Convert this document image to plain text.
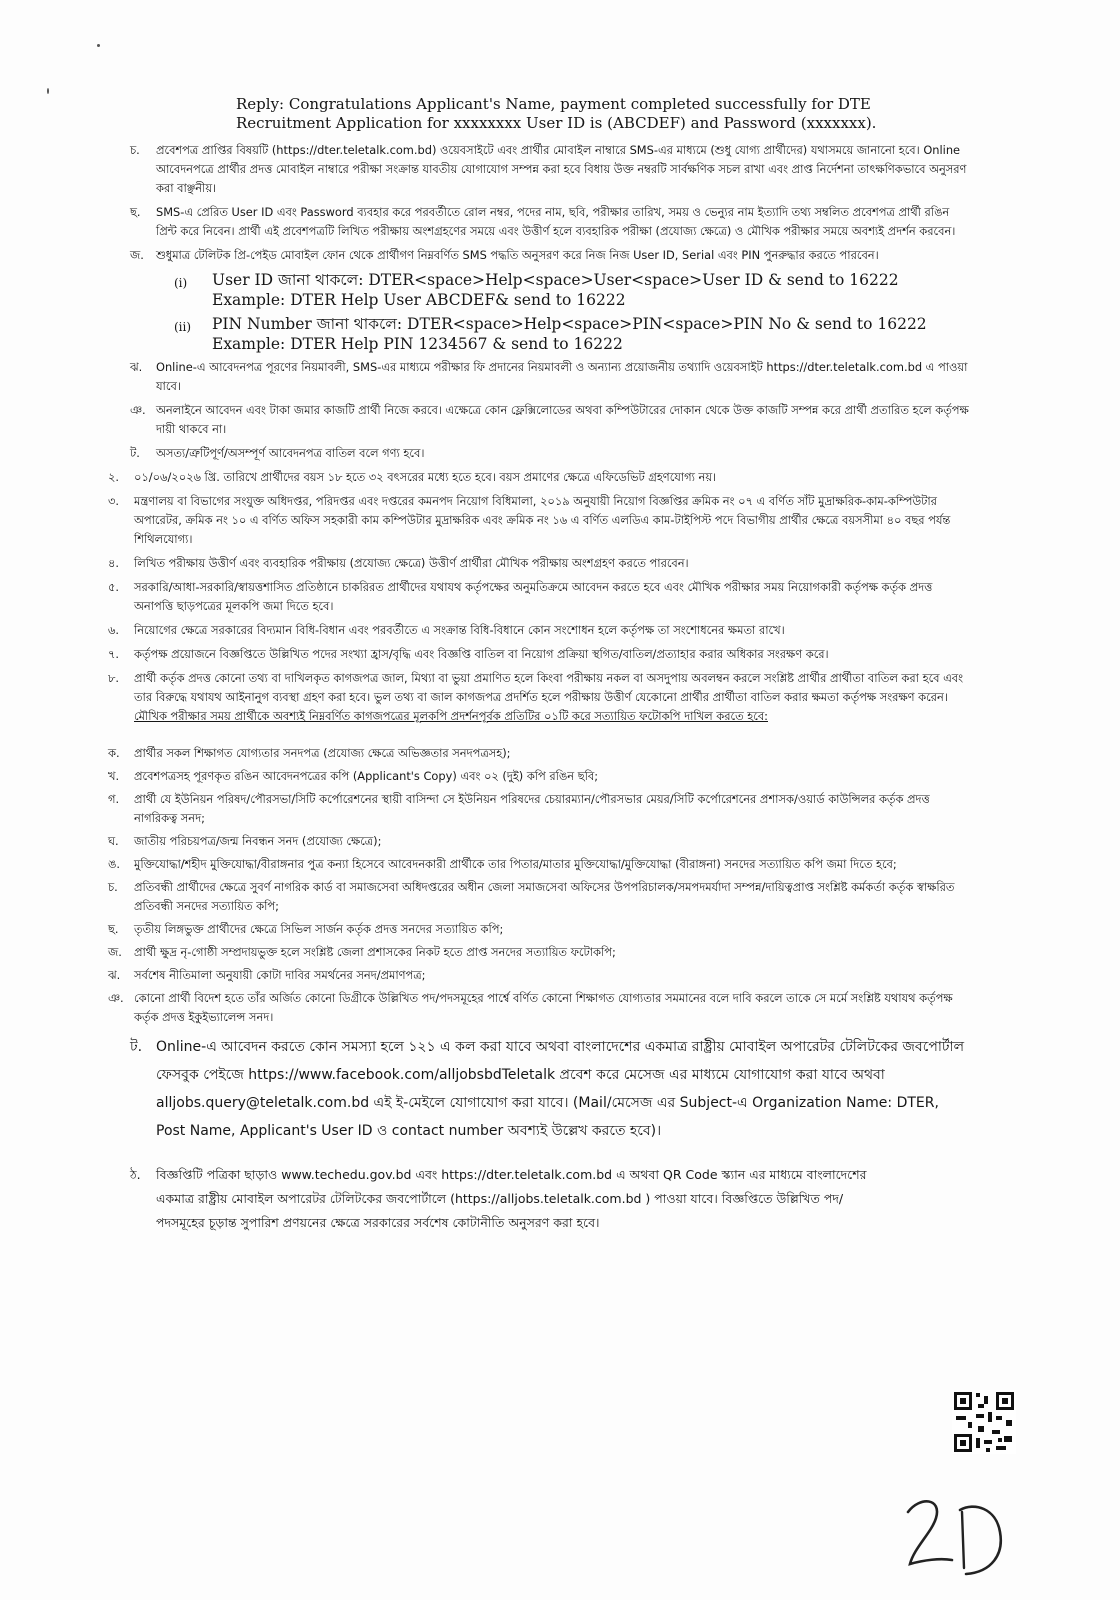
Reply: Congratulations Applicant's Name, payment completed successfully for DTE Recruitment Application for xxxxxxxx User ID is (ABCDEF) and Password (xxxxxxx).
চ.	প্রবেশপত্র প্রাপ্তির বিষয়টি (https://dter.teletalk.com.bd) ওয়েবসাইটে এবং প্রার্থীর মোবাইল নাম্বারে SMS-এর মাধ্যমে (শুধু যোগ্য প্রার্থীদের) যথাসময়ে জানানো হবে। Online আবেদনপত্রে প্রার্থীর প্রদত্ত মোবাইল নাম্বারে পরীক্ষা সংক্রান্ত যাবতীয় যোগাযোগ সম্পন্ন করা হবে বিধায় উক্ত নম্বরটি সার্বক্ষণিক সচল রাখা এবং প্রাপ্ত নির্দেশনা তাৎক্ষণিকভাবে অনুসরণ করা বাঞ্ছনীয়।
ছ.	SMS-এ প্রেরিত User ID এবং Password ব্যবহার করে পরবর্তীতে রোল নম্বর, পদের নাম, ছবি, পরীক্ষার তারিখ, সময় ও ভেন্যুর নাম ইত্যাদি তথ্য সম্বলিত প্রবেশপত্র প্রার্থী রঙিন প্রিন্ট করে নিবেন। প্রার্থী এই প্রবেশপত্রটি লিখিত পরীক্ষায় অংশগ্রহণের সময়ে এবং উত্তীর্ণ হলে ব্যবহারিক পরীক্ষা (প্রযোজ্য ক্ষেত্রে) ও মৌখিক পরীক্ষার সময়ে অবশ্যই প্রদর্শন করবেন।
জ.	শুধুমাত্র টেলিটক প্রি-পেইড মোবাইল ফোন থেকে প্রার্থীগণ নিম্নবর্ণিত SMS পদ্ধতি অনুসরণ করে নিজ নিজ User ID, Serial এবং PIN পুনরুদ্ধার করতে পারবেন।
(i)	User ID জানা থাকলে: DTER<space>Help<space>User<space>User ID & send to 16222
Example: DTER Help User ABCDEF& send to 16222
(ii)	PIN Number জানা থাকলে: DTER<space>Help<space>PIN<space>PIN No & send to 16222
Example: DTER Help PIN 1234567 & send to 16222
ঝ.	Online-এ আবেদনপত্র পূরণের নিয়মাবলী, SMS-এর মাধ্যমে পরীক্ষার ফি প্রদানের নিয়মাবলী ও অন্যান্য প্রয়োজনীয় তথ্যাদি ওয়েবসাইট https://dter.teletalk.com.bd এ পাওয়া যাবে।
ঞ. অনলাইনে আবেদন এবং টাকা জমার কাজটি প্রার্থী নিজে করবে। এক্ষেত্রে কোন ফ্লেক্সিলোডের অথবা কম্পিউটারের দোকান থেকে উক্ত কাজটি সম্পন্ন করে প্রার্থী প্রতারিত হলে কর্তৃপক্ষ দায়ী থাকবে না।
ট.	অসত্য/ত্রুটিপূর্ণ/অসম্পূর্ণ আবেদনপত্র বাতিল বলে গণ্য হবে।
২.	০১/০৬/২০২৬ খ্রি. তারিখে প্রার্থীদের বয়স ১৮ হতে ৩২ বৎসরের মধ্যে হতে হবে। বয়স প্রমাণের ক্ষেত্রে এফিডেভিট গ্রহণযোগ্য নয়।
৩.	মন্ত্রণালয় বা বিভাগের সংযুক্ত অধিদপ্তর, পরিদপ্তর এবং দপ্তরের কমনপদ নিয়োগ বিধিমালা, ২০১৯ অনুযায়ী নিয়োগ বিজ্ঞপ্তির ক্রমিক নং ০৭ এ বর্ণিত সাঁট মুদ্রাক্ষরিক-কাম-কম্পিউটার অপারেটর, ক্রমিক নং ১০ এ বর্ণিত অফিস সহকারী কাম কম্পিউটার মুদ্রাক্ষরিক এবং ক্রমিক নং ১৬ এ বর্ণিত এলডিএ কাম-টাইপিস্ট পদে বিভাগীয় প্রার্থীর ক্ষেত্রে বয়সসীমা ৪০ বছর পর্যন্ত শিথিলযোগ্য।
৪.	লিখিত পরীক্ষায় উত্তীর্ণ এবং ব্যবহারিক পরীক্ষায় (প্রযোজ্য ক্ষেত্রে) উত্তীর্ণ প্রার্থীরা মৌখিক পরীক্ষায় অংশগ্রহণ করতে পারবেন।
৫.	সরকারি/আধা-সরকারি/স্বায়ত্তশাসিত প্রতিষ্ঠানে চাকরিরত প্রার্থীদের যথাযথ কর্তৃপক্ষের অনুমতিক্রমে আবেদন করতে হবে এবং মৌখিক পরীক্ষার সময় নিয়োগকারী কর্তৃপক্ষ কর্তৃক প্রদত্ত অনাপত্তি ছাড়পত্রের মূলকপি জমা দিতে হবে।
৬.	নিয়োগের ক্ষেত্রে সরকারের বিদ্যমান বিধি-বিধান এবং পরবর্তীতে এ সংক্রান্ত বিধি-বিধানে কোন সংশোধন হলে কর্তৃপক্ষ তা সংশোধনের ক্ষমতা রাখে।
৭.	কর্তৃপক্ষ প্রয়োজনে বিজ্ঞপ্তিতে উল্লিখিত পদের সংখ্যা হ্রাস/বৃদ্ধি এবং বিজ্ঞপ্তি বাতিল বা নিয়োগ প্রক্রিয়া স্থগিত/বাতিল/প্রত্যাহার করার অধিকার সংরক্ষণ করে।
৮.	প্রার্থী কর্তৃক প্রদত্ত কোনো তথ্য বা দাখিলকৃত কাগজপত্র জাল, মিথ্যা বা ভুয়া প্রমাণিত হলে কিংবা পরীক্ষায় নকল বা অসদুপায় অবলম্বন করলে সংশ্লিষ্ট প্রার্থীর প্রার্থীতা বাতিল করা হবে এবং তার বিরুদ্ধে যথাযথ আইনানুগ ব্যবস্থা গ্রহণ করা হবে। ভুল তথ্য বা জাল কাগজপত্র প্রদর্শিত হলে পরীক্ষায় উত্তীর্ণ যেকোনো প্রার্থীর প্রার্থীতা বাতিল করার ক্ষমতা কর্তৃপক্ষ সংরক্ষণ করেন। মৌখিক পরীক্ষার সময় প্রার্থীকে অবশ্যই নিম্নবর্ণিত কাগজপত্রের মূলকপি প্রদর্শনপূর্বক প্রতিটির ০১টি করে সত্যায়িত ফটোকপি দাখিল করতে হবে:
ক.	প্রার্থীর সকল শিক্ষাগত যোগ্যতার সনদপত্র (প্রযোজ্য ক্ষেত্রে অভিজ্ঞতার সনদপত্রসহ);
খ.	প্রবেশপত্রসহ পূরণকৃত রঙিন আবেদনপত্রের কপি (Applicant's Copy) এবং ০২ (দুই) কপি রঙিন ছবি;
গ.	প্রার্থী যে ইউনিয়ন পরিষদ/পৌরসভা/সিটি কর্পোরেশনের স্থায়ী বাসিন্দা সে ইউনিয়ন পরিষদের চেয়ারম্যান/পৌরসভার মেয়র/সিটি কর্পোরেশনের প্রশাসক/ওয়ার্ড কাউন্সিলর কর্তৃক প্রদত্ত নাগরিকত্ব সনদ;
ঘ.	জাতীয় পরিচয়পত্র/জন্ম নিবন্ধন সনদ (প্রযোজ্য ক্ষেত্রে);
ঙ.	মুক্তিযোদ্ধা/শহীদ মুক্তিযোদ্ধা/বীরাঙ্গনার পুত্র কন্যা হিসেবে আবেদনকারী প্রার্থীকে তার পিতার/মাতার মুক্তিযোদ্ধা/মুক্তিযোদ্ধা (বীরাঙ্গনা) সনদের সত্যায়িত কপি জমা দিতে হবে;
চ.	প্রতিবন্ধী প্রার্থীদের ক্ষেত্রে সুবর্ণ নাগরিক কার্ড বা সমাজসেবা অধিদপ্তরের অধীন জেলা সমাজসেবা অফিসের উপপরিচালক/সমপদমর্যাদা সম্পন্ন/দায়িত্বপ্রাপ্ত সংশ্লিষ্ট কর্মকর্তা কর্তৃক স্বাক্ষরিত প্রতিবন্ধী সনদের সত্যায়িত কপি;
ছ.	তৃতীয় লিঙ্গভুক্ত প্রার্থীদের ক্ষেত্রে সিভিল সার্জন কর্তৃক প্রদত্ত সনদের সত্যায়িত কপি;
জ.	প্রার্থী ক্ষুদ্র নৃ-গোষ্ঠী সম্প্রদায়ভুক্ত হলে সংশ্লিষ্ট জেলা প্রশাসকের নিকট হতে প্রাপ্ত সনদের সত্যায়িত ফটোকপি;
ঝ.	সর্বশেষ নীতিমালা অনুযায়ী কোটা দাবির সমর্থনের সনদ/প্রমাণপত্র;
ঞ. কোনো প্রার্থী বিদেশ হতে তাঁর অর্জিত কোনো ডিগ্রীকে উল্লিখিত পদ/পদসমূহের পার্শ্বে বর্ণিত কোনো শিক্ষাগত যোগ্যতার সমমানের বলে দাবি করলে তাকে সে মর্মে সংশ্লিষ্ট যথাযথ কর্তৃপক্ষ কর্তৃক প্রদত্ত ইকুইভ্যালেন্স সনদ।
ট. Online-এ আবেদন করতে কোন সমস্যা হলে ১২১ এ কল করা যাবে অথবা বাংলাদেশের একমাত্র রাষ্ট্রীয় মোবাইল অপারেটর টেলিটকের জবপোর্টাল ফেসবুক পেইজে https://www.facebook.com/alljobsbdTeletalk প্রবেশ করে মেসেজ এর মাধ্যমে যোগাযোগ করা যাবে অথবা alljobs.query@teletalk.com.bd এই ই-মেইলে যোগাযোগ করা যাবে। (Mail/মেসেজ এর Subject-এ Organization Name: DTER, Post Name, Applicant's User ID ও contact number অবশ্যই উল্লেখ করতে হবে)।
ঠ.	বিজ্ঞপ্তিটি পত্রিকা ছাড়াও www.techedu.gov.bd এবং https://dter.teletalk.com.bd এ অথবা QR Code স্ক্যান এর মাধ্যমে বাংলাদেশের একমাত্র রাষ্ট্রীয় মোবাইল অপারেটর টেলিটকের জবপোর্টালে (https://alljobs.teletalk.com.bd ) পাওয়া যাবে। বিজ্ঞপ্তিতে উল্লিখিত পদ/পদসমূহের চূড়ান্ত সুপারিশ প্রণয়নের ক্ষেত্রে সরকারের সর্বশেষ কোটানীতি অনুসরণ করা হবে।
